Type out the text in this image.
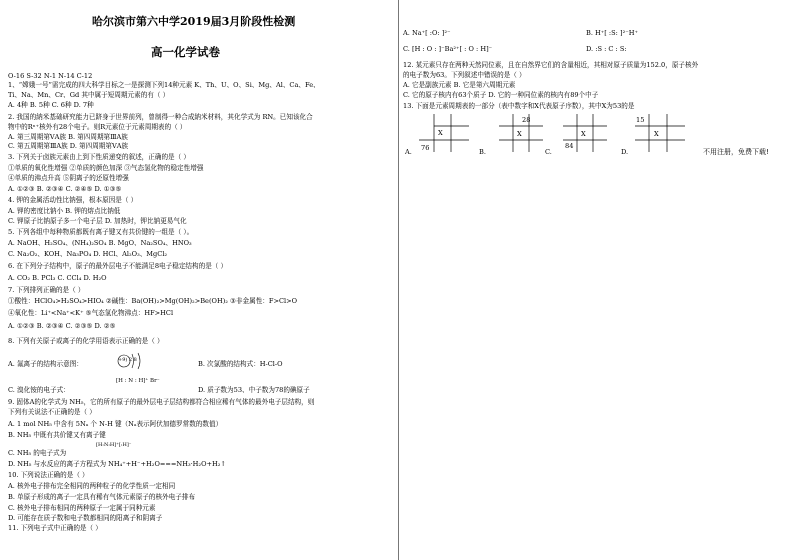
哈尔滨市第六中学2019届3月阶段性检测
高一化学试卷
O-16 S-32 N-1 N-14 C-12
1、“嫦娥一号”需完成的四大科学目标之一是探测下列14种元素 K、Th、U、O、Si、Mg、Al、Ca、Fe、
Ti、Na、Mn、Cr、Gd 其中属于短周期元素的有（ ）
A. 4种 B. 5种 C. 6种 D. 7种
2. 我国的納米基础研究能力已跻身于世界前列，曾制得一种合成納米材料，其化学式为 RN。已知该化合
物中的Rⁿ⁺核外有28个电子。则R元素位于元素周期表的（ ）
A. 第三周期第ⅤA族 B. 第四周期第ⅢA族
C. 第五周期第ⅢA族 D. 第四周期第ⅤA族
3. 下列关于卤族元素由上到下性质递变的叙述，正确的是（ ）
①单质的氧化性增强 ②单质的颜色加深 ③气态氢化物的稳定性增强
④单质的沸点升高 ⑤阴离子的还原性增强
A. ①②③ B. ②③④ C. ②④⑤ D. ①③⑤
4. 钾的金属活动性比钠强，根本原因是（ ）
A. 钾的密度比钠小 B. 钾的熔点比钠低
C. 钾原子比钠原子多一个电子层 D. 加热时，钾比钠更易气化
5. 下列各组中每种物质都既有离子键又有共价键的一组是（ ）。
A. NaOH、H₂SO₄、(NH₄)₂SO₄ B. MgO、Na₂SO₄、HNO₃
C. Na₂O₂、KOH、Na₃PO₄ D. HCl、Al₂O₃、MgCl₂
6. 在下列分子结构中，原子的最外层电子不能满足8电子稳定结构的是（ ）
A. CO₂ B. PCl₃ C. CCl₄ D. H₂O
7. 下列排列正确的是（ ）
①酸性：HClO₄>H₂SO₄>HIO₄ ②碱性：Ba(OH)₂>Mg(OH)₂>Be(OH)₂ ③非金属性：F>Cl>O
④氧化性：Li⁺<Na⁺<K⁺ ⑤气态氢化物沸点：HF>HCl
A. ①②③ B. ②③④ C. ②③⑤ D. ②⑤
8. 下列有关原子或离子的化学用语表示正确的是（ ）
A. 氟离子的结构示意图：	+9) 2 8	B. 次氯酸的结构式：H-Cl-O
[H : N : H]⁺ Br⁻
C. 溴化铵的电子式：	D. 质子数为53、中子数为78的碘原子
9. 固体A的化学式为 NH₅，它的所有原子的最外层电子层结构都符合相应稀有气体的最外电子层结构，则
下列有关说法不正确的是（ ）
A. 1 mol NH₅ 中含有 5Nₐ 个 N-H 键（Nₐ表示阿伏加德罗常数的数值）
B. NH₅ 中既有共价键又有离子键
[H:N:H]⁺[:H]⁻
C. NH₅ 的电子式为
D. NH₅ 与水反应的离子方程式为 NH₄⁺+H⁻+H₂O===NH₃·H₂O+H₂↑
10. 下列说法正确的是（ ）
A. 核外电子排布完全相同的两种粒子的化学性质一定相同
B. 单原子形成的离子一定具有稀有气体元素原子的核外电子排布
C. 核外电子排布相同的两种原子一定属于同种元素
D. 可能存在质子数和电子数都相同的阳离子和阴离子
11. 下列电子式中正确的是（ ）
A. Na⁺[ :O: ]²⁻	B. H⁺[ :S: ]²⁻H⁺
C. [H : O : ]⁻Ba²⁺[ : O : H]⁻	D. :S : C : S:
12. 某元素只存在两种天然同位素，且在自然界它们的含量相近，其相对原子质量为152.0，原子核外
的电子数为63。下列叙述中错误的是（ ）
A. 它是副族元素 B. 它是第六周期元素
C. 它的原子核内有63个质子 D. 它的一种同位素的核内有89个中子
13. 下面是元素周期表的一部分（表中数字和X代表原子序数），其中X为53的是
76
X
A.
28
X
B.
84
X
C.
15
X
D.	不用注册，免费下载!
